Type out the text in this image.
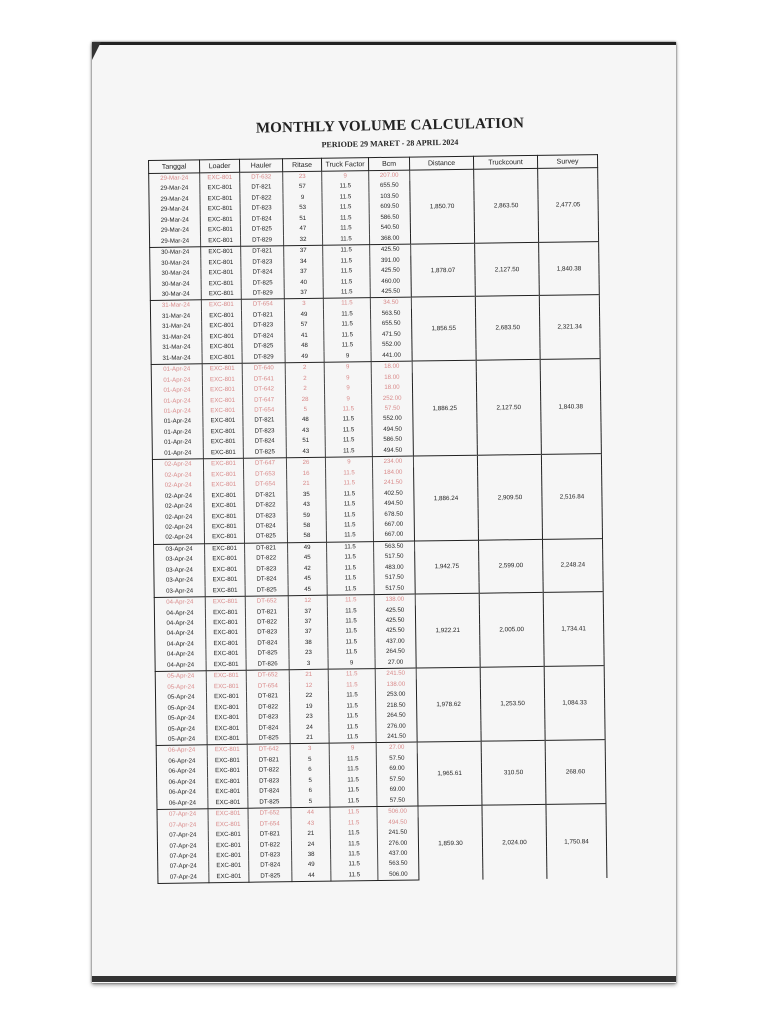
MONTHLY VOLUME CALCULATION
PERIODE 29 MARET - 28 APRIL 2024
Tanggal	Loader	Hauler	Ritase	Truck Factor	Bcm	Distance	Truckcount	Survey
29-Mar-24	EXC-801	DT-632	23	9	207.00	1,850.70	2,863.50	2,477.05
29-Mar-24	EXC-801	DT-821	57	11.5	655.50			
29-Mar-24	EXC-801	DT-822	9	11.5	103.50			
29-Mar-24	EXC-801	DT-823	53	11.5	609.50			
29-Mar-24	EXC-801	DT-824	51	11.5	586.50			
29-Mar-24	EXC-801	DT-825	47	11.5	540.50			
29-Mar-24	EXC-801	DT-829	32	11.5	368.00			
30-Mar-24	EXC-801	DT-821	37	11.5	425.50	1,878.07	2,127.50	1,840.38
30-Mar-24	EXC-801	DT-823	34	11.5	391.00			
30-Mar-24	EXC-801	DT-824	37	11.5	425.50			
30-Mar-24	EXC-801	DT-825	40	11.5	460.00			
30-Mar-24	EXC-801	DT-829	37	11.5	425.50			
31-Mar-24	EXC-801	DT-654	3	11.5	34.50	1,856.55	2,683.50	2,321.34
31-Mar-24	EXC-801	DT-821	49	11.5	563.50			
31-Mar-24	EXC-801	DT-823	57	11.5	655.50			
31-Mar-24	EXC-801	DT-824	41	11.5	471.50			
31-Mar-24	EXC-801	DT-825	48	11.5	552.00			
31-Mar-24	EXC-801	DT-829	49	9	441.00			
01-Apr-24	EXC-801	DT-640	2	9	18.00	1,886.25	2,127.50	1,840.38
01-Apr-24	EXC-801	DT-641	2	9	18.00			
01-Apr-24	EXC-801	DT-642	2	9	18.00			
01-Apr-24	EXC-801	DT-647	28	9	252.00			
01-Apr-24	EXC-801	DT-654	5	11.5	57.50			
01-Apr-24	EXC-801	DT-821	48	11.5	552.00			
01-Apr-24	EXC-801	DT-823	43	11.5	494.50			
01-Apr-24	EXC-801	DT-824	51	11.5	586.50			
01-Apr-24	EXC-801	DT-825	43	11.5	494.50			
02-Apr-24	EXC-801	DT-647	26	9	234.00	1,886.24	2,909.50	2,516.84
02-Apr-24	EXC-801	DT-653	16	11.5	184.00			
02-Apr-24	EXC-801	DT-654	21	11.5	241.50			
02-Apr-24	EXC-801	DT-821	35	11.5	402.50			
02-Apr-24	EXC-801	DT-822	43	11.5	494.50			
02-Apr-24	EXC-801	DT-823	59	11.5	678.50			
02-Apr-24	EXC-801	DT-824	58	11.5	667.00			
02-Apr-24	EXC-801	DT-825	58	11.5	667.00			
03-Apr-24	EXC-801	DT-821	49	11.5	563.50	1,942.75	2,599.00	2,248.24
03-Apr-24	EXC-801	DT-822	45	11.5	517.50			
03-Apr-24	EXC-801	DT-823	42	11.5	483.00			
03-Apr-24	EXC-801	DT-824	45	11.5	517.50			
03-Apr-24	EXC-801	DT-825	45	11.5	517.50			
04-Apr-24	EXC-801	DT-652	12	11.5	138.00	1,922.21	2,005.00	1,734.41
04-Apr-24	EXC-801	DT-821	37	11.5	425.50			
04-Apr-24	EXC-801	DT-822	37	11.5	425.50			
04-Apr-24	EXC-801	DT-823	37	11.5	425.50			
04-Apr-24	EXC-801	DT-824	38	11.5	437.00			
04-Apr-24	EXC-801	DT-825	23	11.5	264.50			
04-Apr-24	EXC-801	DT-826	3	9	27.00			
05-Apr-24	EXC-801	DT-652	21	11.5	241.50	1,978.62	1,253.50	1,084.33
05-Apr-24	EXC-801	DT-654	12	11.5	138.00			
05-Apr-24	EXC-801	DT-821	22	11.5	253.00			
05-Apr-24	EXC-801	DT-822	19	11.5	218.50			
05-Apr-24	EXC-801	DT-823	23	11.5	264.50			
05-Apr-24	EXC-801	DT-824	24	11.5	276.00			
05-Apr-24	EXC-801	DT-825	21	11.5	241.50			
06-Apr-24	EXC-801	DT-642	3	9	27.00	1,965.61	310.50	268.60
06-Apr-24	EXC-801	DT-821	5	11.5	57.50			
06-Apr-24	EXC-801	DT-822	6	11.5	69.00			
06-Apr-24	EXC-801	DT-823	5	11.5	57.50			
06-Apr-24	EXC-801	DT-824	6	11.5	69.00			
06-Apr-24	EXC-801	DT-825	5	11.5	57.50			
07-Apr-24	EXC-801	DT-652	44	11.5	506.00	1,859.30	2,024.00	1,750.84
07-Apr-24	EXC-801	DT-654	43	11.5	494.50			
07-Apr-24	EXC-801	DT-821	21	11.5	241.50			
07-Apr-24	EXC-801	DT-822	24	11.5	276.00			
07-Apr-24	EXC-801	DT-823	38	11.5	437.00			
07-Apr-24	EXC-801	DT-824	49	11.5	563.50			
07-Apr-24	EXC-801	DT-825	44	11.5	506.00			
